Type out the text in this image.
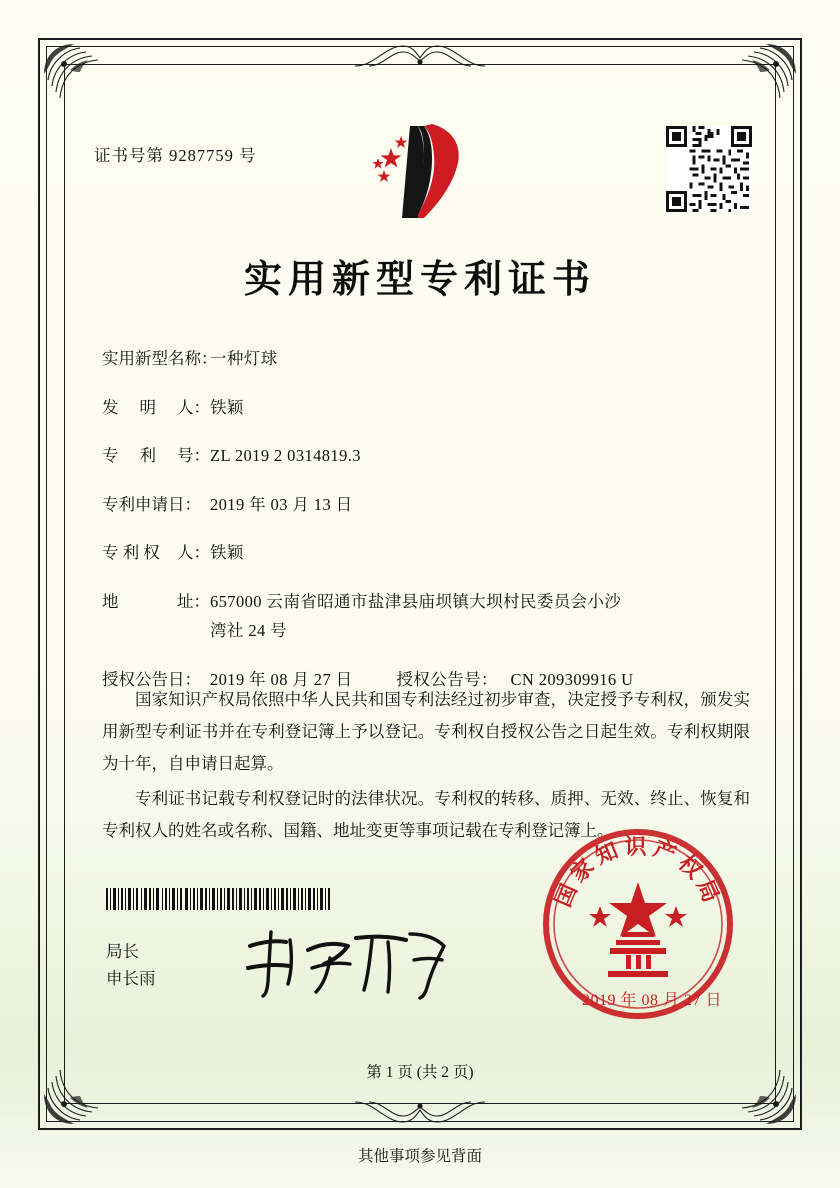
证书号第 9287759 号
实用新型专利证书
实用新型名称：
一种灯球
发 明 人： 铁颖
专 利 号： ZL 2019 2 0314819.3
专利申请日： 2019 年 03 月 13 日
专 利 权 人： 铁颖
地	址： 657000 云南省昭通市盐津县庙坝镇大坝村民委员会小沙
湾社 24 号
授权公告日： 2019 年 08 月 27 日	授权公告号： CN 209309916 U

国家知识产权局依照中华人民共和国专利法经过初步审查，决定授予专利权，颁发实用新型专利证书并在专利登记簿上予以登记。专利权自授权公告之日起生效。专利权期限为十年，自申请日起算。

专利证书记载专利权登记时的法律状况。专利权的转移、质押、无效、终止、恢复和专利权人的姓名或名称、国籍、地址变更等事项记载在专利登记簿上。

局长
申长雨
国家知识产权局
2019 年 08 月 27 日
第 1 页 (共 2 页)
其他事项参见背面
